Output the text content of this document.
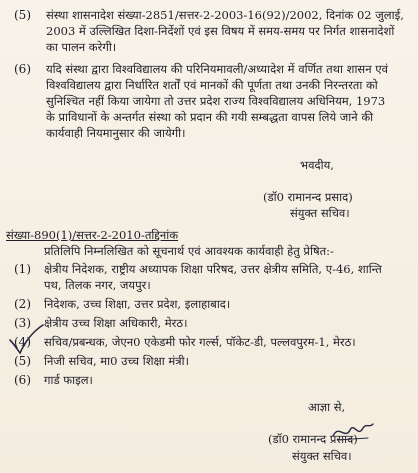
(5) संस्था शासनादेश संख्या-2851/सत्तर-2-2003-16(92)/2002, दिनांक 02 जुलाई,
2003 में उल्लिखित दिशा-निर्देशों एवं इस विषय में समय-समय पर निर्गत शासनादेशों
का पालन करेगी।
(6) यदि संस्था द्वारा विश्वविद्यालय की परिनियमावली/अध्यादेश में वर्णित तथा शासन एवं
विश्वविद्यालय द्वारा निर्धारित शर्तों एवं मानकों की पूर्णता तथा उनकी निरन्तरता को
सुनिश्चित नहीं किया जायेगा तो उत्तर प्रदेश राज्य विश्वविद्यालय अधिनियम, 1973
के प्राविधानों के अन्तर्गत संस्था को प्रदान की गयी सम्बद्धता वापस लिये जाने की
कार्यवाही नियमानुसार की जायेगी।
भवदीय,
(डॉ0 रामानन्द प्रसाद)
संयुक्त सचिव।
संख्या-890(1)/सत्तर-2-2010-तद्दिनांक
प्रतिलिपि निम्नलिखित को सूचनार्थ एवं आवश्यक कार्यवाही हेतु प्रेषित:-
(1) क्षेत्रीय निदेशक, राष्ट्रीय अध्यापक शिक्षा परिषद, उत्तर क्षेत्रीय समिति, ए-46, शान्ति
पथ, तिलक नगर, जयपुर।
(2) निदेशक, उच्च शिक्षा, उत्तर प्रदेश, इलाहाबाद।
(3) क्षेत्रीय उच्च शिक्षा अधिकारी, मेरठ।
(4) सचिव/प्रबन्धक, जेएन0 एकेडमी फोर गर्ल्स, पॉकेट-डी, पल्लवपुरम-1, मेरठ।
(5) निजी सचिव, मा0 उच्च शिक्षा मंत्री।
(6) गार्ड फाइल।
आज्ञा से,
(डॉ0 रामानन्द प्रसाद)
संयुक्त सचिव।
